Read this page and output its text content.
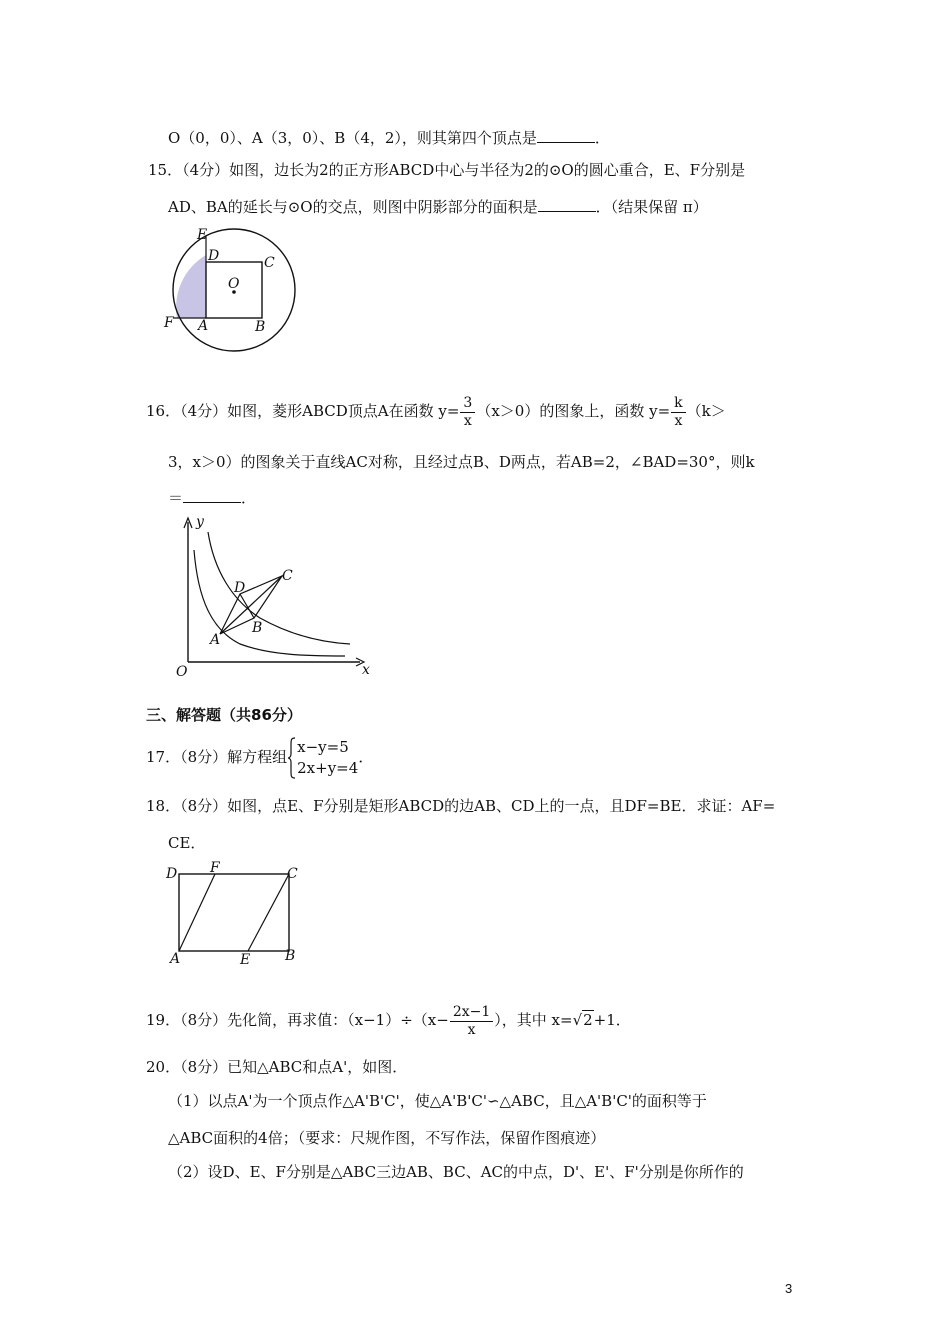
O（0，0）、A（3，0）、B（4，2），则其第四个顶点是	．
15．（4分）如图，边长为2的正方形ABCD中心与半径为2的⊙O的圆心重合，E、F分别是
AD、BA的延长与⊙O的交点，则图中阴影部分的面积是	．（结果保留 π）
E
D	C
O
F A	B
16．（4分）如图，菱形ABCD顶点A在函数 $y= \frac{3}{x} (x>0)$的图象上，函数 $y= \frac{k}{x} (k>$
3，x＞0）的图象关于直线AC对称，且经过点B、D两点，若AB=2，∠BAD=30°，则k
＝	．
y
C
D
B
A
O	x
三、解答题（共86分）
17．（8分）解方程组
x−y=5
2x+y=4
．
18．（8分）如图，点E、F分别是矩形ABCD的边AB、CD上的一点，且DF=BE．求证：AF=
CE．
D F	C
A	E B
19．（8分）先化简，再求值：$(x-1)\div(x- \frac{2x-1}{x}$ ），其中 x=√2+1．
20．（8分）已知△ABC和点A'，如图．
（1）以点A'为一个顶点作△A'B'C'，使△A'B'C'∽△ABC，且△A'B'C'的面积等于
△ABC面积的4倍；（要求：尺规作图，不写作法，保留作图痕迹）
（2）设D、E、F分别是△ABC三边AB、BC、AC的中点，D'、E'、F'分别是你所作的
3
